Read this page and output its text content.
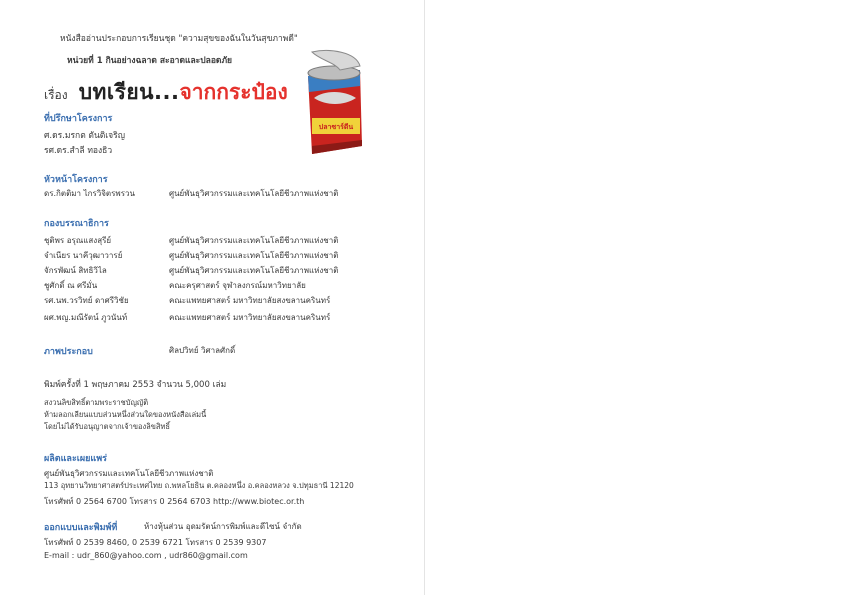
หนังสืออ่านประกอบการเรียนชุด "ความสุขของฉันในวันสุขภาพดี"
หน่วยที่ 1 กินอย่างฉลาด สะอาดและปลอดภัย
เรื่อง บทเรียน...จากกระป๋อง
ปลาซาร์ดีน
ที่ปรึกษาโครงการ
ศ.ดร.มรกต ตันติเจริญ
รศ.ดร.สำลี ทองธิว
หัวหน้าโครงการ
ดร.กิตติมา ไกรวิจิตรพรวน	ศูนย์พันธุวิศวกรรมและเทคโนโลยีชีวภาพแห่งชาติ
กองบรรณาธิการ
ชุติพร อรุณแสงสุรีย์	ศูนย์พันธุวิศวกรรมและเทคโนโลยีชีวภาพแห่งชาติ
จำเนียร นาคีวุฒาวารย์	ศูนย์พันธุวิศวกรรมและเทคโนโลยีชีวภาพแห่งชาติ
จักรพัฒน์ สิทธิวิไล	ศูนย์พันธุวิศวกรรมและเทคโนโลยีชีวภาพแห่งชาติ
ชูศักดิ์ ณ ศรีมั่น	คณะครุศาสตร์ จุฬาลงกรณ์มหาวิทยาลัย
รศ.นพ.วรวิทย์ ดาศรีวิชัย	คณะแพทยศาสตร์ มหาวิทยาลัยสงขลานครินทร์
ผศ.พญ.มณีรัตน์ ภูวนันท์	คณะแพทยศาสตร์ มหาวิทยาลัยสงขลานครินทร์
ภาพประกอบ	ศิลปวิทย์ วิศาลศักดิ์
พิมพ์ครั้งที่ 1 พฤษภาคม 2553 จำนวน 5,000 เล่ม
สงวนลิขสิทธิ์ตามพระราชบัญญัติ
ห้ามลอกเลียนแบบส่วนหนึ่งส่วนใดของหนังสือเล่มนี้
โดยไม่ได้รับอนุญาตจากเจ้าของลิขสิทธิ์
ผลิตและเผยแพร่
ศูนย์พันธุวิศวกรรมและเทคโนโลยีชีวภาพแห่งชาติ
113 อุทยานวิทยาศาสตร์ประเทศไทย ถ.พหลโยธิน ต.คลองหนึ่ง อ.คลองหลวง จ.ปทุมธานี 12120
โทรศัพท์ 0 2564 6700 โทรสาร 0 2564 6703 http://www.biotec.or.th
ออกแบบและพิมพ์ที่	ห้างหุ้นส่วน อุดมรัตน์การพิมพ์และดีไซน์ จำกัด
โทรศัพท์ 0 2539 8460, 0 2539 6721 โทรสาร 0 2539 9307
E-mail : udr_860@yahoo.com , udr860@gmail.com
